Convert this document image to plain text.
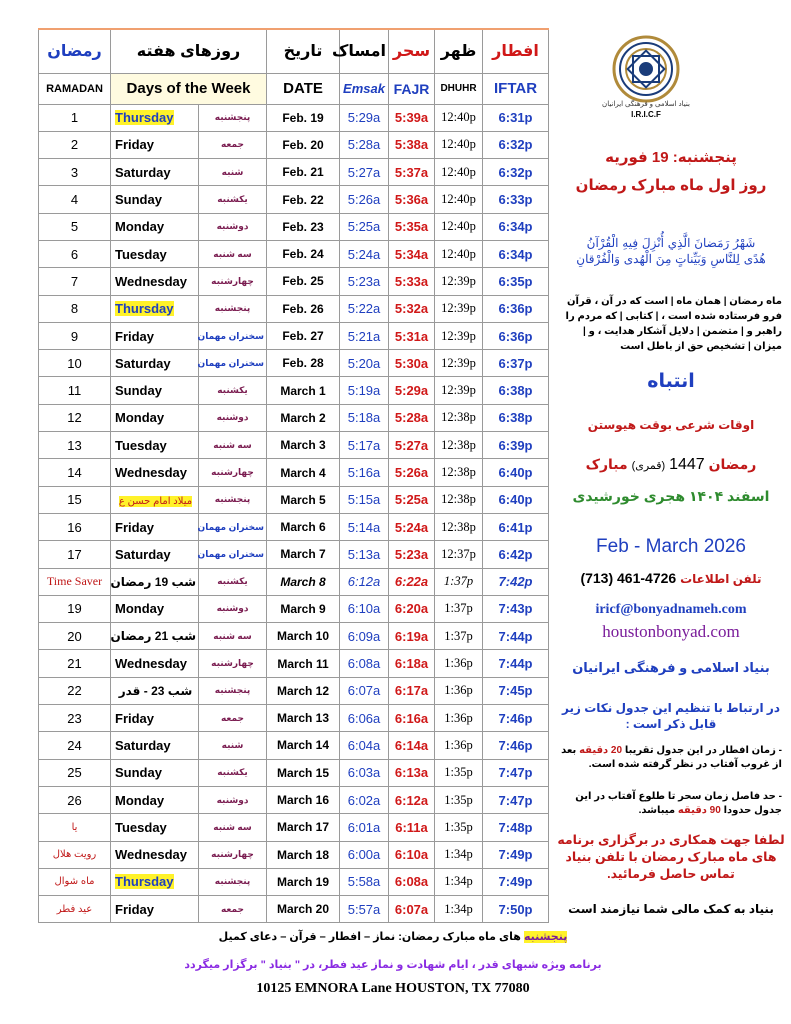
رمضان	روزهای هفته		تاریخ	امساک	سحر	ظهر	افطار
RAMADAN	Days of the Week		DATE	Emsak	FAJR	DHUHR	IFTAR
1	Thursday	پنجشنبه	Feb. 19	5:29a	5:39a	12:40p	6:31p
2	Friday	جمعه	Feb. 20	5:28a	5:38a	12:40p	6:32p
3	Saturday	شنبه	Feb. 21	5:27a	5:37a	12:40p	6:32p
4	Sunday	یکشنبه	Feb. 22	5:26a	5:36a	12:40p	6:33p
5	Monday	دوشنبه	Feb. 23	5:25a	5:35a	12:40p	6:34p
6	Tuesday	سه شنبه	Feb. 24	5:24a	5:34a	12:40p	6:34p
7	Wednesday	چهارشنبه	Feb. 25	5:23a	5:33a	12:39p	6:35p
8	Thursday	پنجشنبه	Feb. 26	5:22a	5:32a	12:39p	6:36p
9	Friday	سخنران مهمان	Feb. 27	5:21a	5:31a	12:39p	6:36p
10	Saturday	سخنران مهمان	Feb. 28	5:20a	5:30a	12:39p	6:37p
11	Sunday	یکشنبه	March 1	5:19a	5:29a	12:39p	6:38p
12	Monday	دوشنبه	March 2	5:18a	5:28a	12:38p	6:38p
13	Tuesday	سه شنبه	March 3	5:17a	5:27a	12:38p	6:39p
14	Wednesday	چهارشنبه	March 4	5:16a	5:26a	12:38p	6:40p
15	میلاد امام حسن ع	پنجشنبه	March 5	5:15a	5:25a	12:38p	6:40p
16	Friday	سخنران مهمان	March 6	5:14a	5:24a	12:38p	6:41p
17	Saturday	سخنران مهمان	March 7	5:13a	5:23a	12:37p	6:42p
Time Saver	شب 19 رمضان	یکشنبه	March 8	6:12a	6:22a	1:37p	7:42p
19	Monday	دوشنبه	March 9	6:10a	6:20a	1:37p	7:43p
20	شب 21 رمضان	سه شنبه	March 10	6:09a	6:19a	1:37p	7:44p
21	Wednesday	چهارشنبه	March 11	6:08a	6:18a	1:36p	7:44p
22	شب 23 - قدر	پنجشنبه	March 12	6:07a	6:17a	1:36p	7:45p
23	Friday	جمعه	March 13	6:06a	6:16a	1:36p	7:46p
24	Saturday	شنبه	March 14	6:04a	6:14a	1:36p	7:46p
25	Sunday	یکشنبه	March 15	6:03a	6:13a	1:35p	7:47p
26	Monday	دوشنبه	March 16	6:02a	6:12a	1:35p	7:47p
یا	Tuesday	سه شنبه	March 17	6:01a	6:11a	1:35p	7:48p
رویت هلال	Wednesday	چهارشنبه	March 18	6:00a	6:10a	1:34p	7:49p
ماه شوال	Thursday	پنجشنبه	March 19	5:58a	6:08a	1:34p	7:49p
عید فطر	Friday	جمعه	March 20	5:57a	6:07a	1:34p	7:50p
بنیاد اسلامی و فرهنگی ایرانیان
I.R.I.C.F
پنجشنبه: 19 فوریه
روز اول ماه مبارک رمضان
شَهْرُ رَمَضانَ الَّذِي أُنْزِلَ فِيهِ الْقُرْآنُ
هُدًى لِلنَّاسِ وَبَيِّناتٍ مِنَ الْهُدى وَالْفُرْقانِ
ماه رمضان | همان ماه | است که در آن ، قرآن فرو فرستاده شده است ، | کتابی | که مردم را راهبر و | متضمن | دلایل آشکار هدایت ، و | میزان | تشخیص حق از باطل است
انتباه
اوقات شرعی بوقت هیوستن
رمضان 1447 (قمری) مبارک
اسفند ۱۴۰۴ هجری خورشیدی
Feb - March 2026
(713) 461-4726 تلفن اطلاعات
iricf@bonyadnameh.com
houstonbonyad.com
بنیاد اسلامی و فرهنگی ایرانیان
در ارتباط با تنظیم این جدول نکات زیر قابل ذکر است :
- زمان افطار در این جدول تقریبا 20 دقیقه بعد از غروب آفتاب در نظر گرفته شده است.
- حد فاصل زمان سحر تا طلوع آفتاب در این جدول حدودا 90 دقیقه میباشد.
لطفا جهت همکاری در برگزاری برنامه های ماه مبارک رمضان با تلفن بنیاد تماس حاصل فرمائید.
بنیاد به کمک مالی شما نیازمند است
پنجشنبه های ماه مبارک رمضان: نماز – افطار – قرآن – دعای کمیل
برنامه ویژه شبهای قدر ، ایام شهادت و نماز عید فطر، در " بنیاد " برگزار میگردد
10125 EMNORA Lane HOUSTON, TX 77080
